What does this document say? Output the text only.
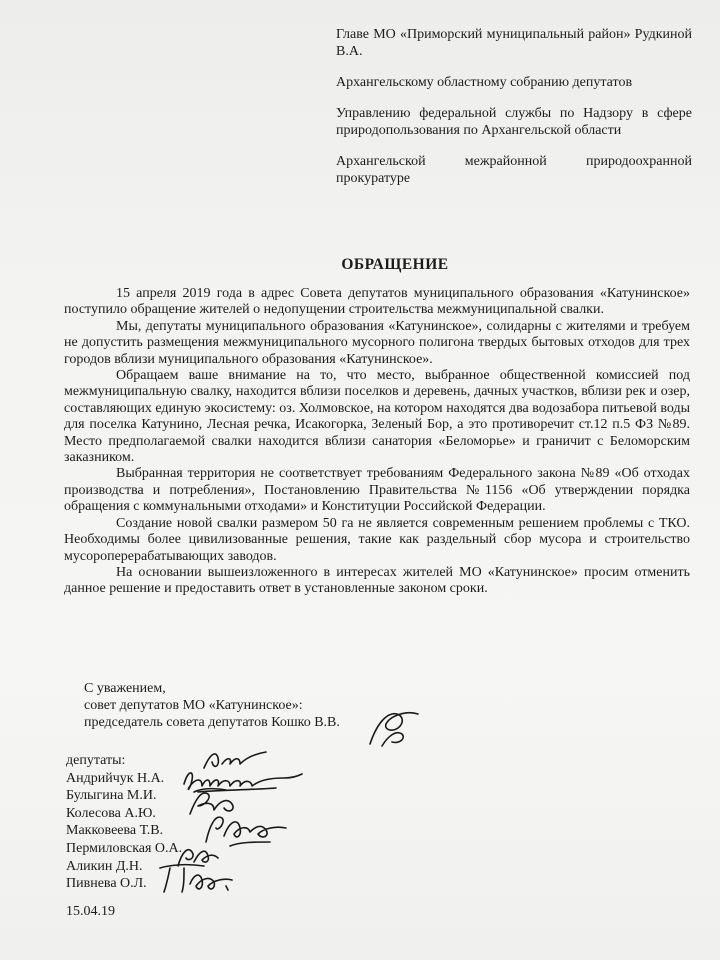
Главе МО «Приморский муниципальный район» Рудкиной В.А.

Архангельскому областному собранию депутатов

Управлению федеральной службы по Надзору в сфере природопользования по Архангельской области

Архангельской межрайонной природоохранной прокуратуре

ОБРАЩЕНИЕ

15 апреля 2019 года в адрес Совета депутатов муниципального образования «Катунинское» поступило обращение жителей о недопущении строительства межмуниципальной свалки.

Мы, депутаты муниципального образования «Катунинское», солидарны с жителями и требуем не допустить размещения межмуниципального мусорного полигона твердых бытовых отходов для трех городов вблизи муниципального образования «Катунинское».

Обращаем ваше внимание на то, что место, выбранное общественной комиссией под межмуниципальную свалку, находится вблизи поселков и деревень, дачных участков, вблизи рек и озер, составляющих единую экосистему: оз. Холмовское, на котором находятся два водозабора питьевой воды для поселка Катунино, Лесная речка, Исакогорка, Зеленый Бор, а это противоречит ст.12 п.5 ФЗ №89. Место предполагаемой свалки находится вблизи санатория «Беломорье» и граничит с Беломорским заказником.

Выбранная территория не соответствует требованиям Федерального закона №89 «Об отходах производства и потребления», Постановлению Правительства №1156 «Об утверждении порядка обращения с коммунальными отходами» и Конституции Российской Федерации.

Создание новой свалки размером 50 га не является современным решением проблемы с ТКО. Необходимы более цивилизованные решения, такие как раздельный сбор мусора и строительство мусороперерабатывающих заводов.

На основании вышеизложенного в интересах жителей МО «Катунинское» просим отменить данное решение и предоставить ответ в установленные законом сроки.

С уважением,
совет депутатов МО «Катунинское»:
председатель совета депутатов Кошко В.В.
депутаты:
Андрийчук Н.А.
Булыгина М.И.
Колесова А.Ю.
Макковеева Т.В.
Пермиловская О.А.
Аликин Д.Н.
Пивнева О.Л.
15.04.19
